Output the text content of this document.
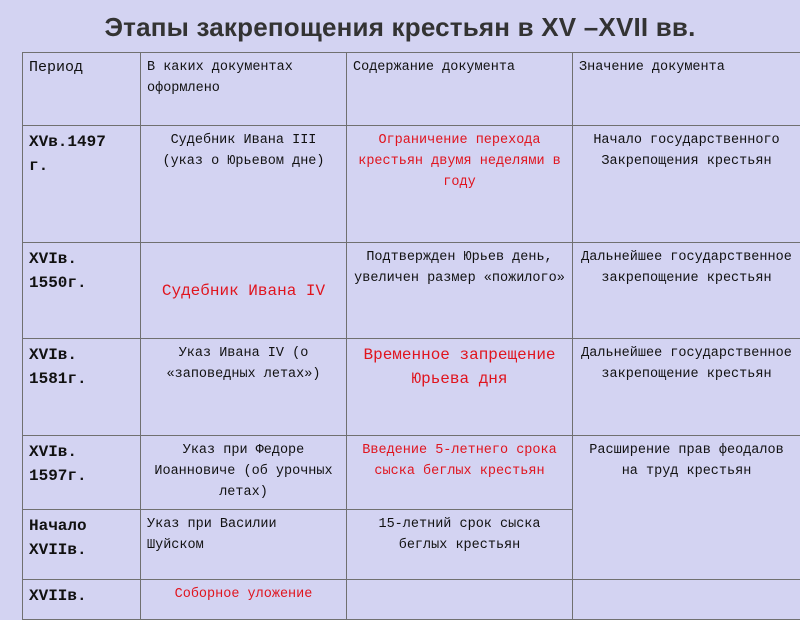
Этапы закрепощения крестьян в XV –XVII вв.
Период	В каких документах оформлено	Содержание документа	Значение документа
XVв.1497 г.	Судебник Ивана III (указ о Юрьевом дне)	Ограничение перехода крестьян двумя неделями в году	Начало государственного Закрепощения крестьян
XVIв. 1550г.	Судебник Ивана IV	Подтвержден Юрьев день, увеличен размер «пожилого»	Дальнейшее государственное закрепощение крестьян
XVIв. 1581г.	Указ Ивана IV (о «заповедных летах»)	Временное запрещение Юрьева дня	Дальнейшее государственное закрепощение крестьян
XVIв. 1597г.	Указ при Федоре Иоанновиче (об урочных летах)	Введение 5-летнего срока сыска беглых крестьян	Расширение прав феодалов на труд крестьян
Начало XVIIв.	Указ при Василии Шуйском	15-летний срок сыска беглых крестьян	
XVIIв.	Соборное уложение		
